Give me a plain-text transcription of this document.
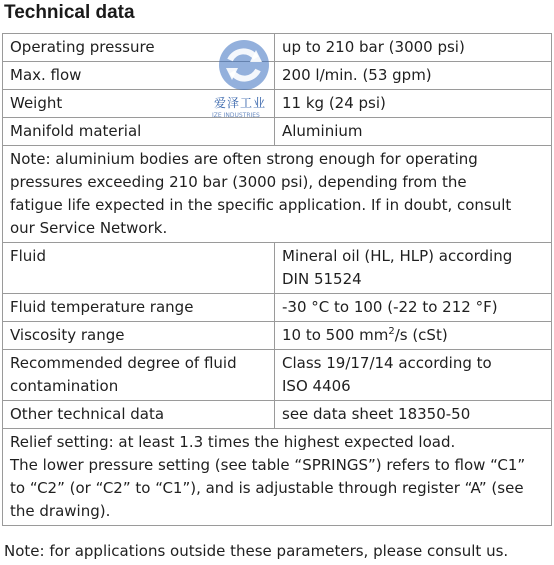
Technical data
Operating pressure	up to 210 bar (3000 psi)
Max. flow	200 l/min. (53 gpm)
Weight	11 kg (24 psi)
Manifold material	Aluminium

Note: aluminium bodies are often strong enough for operating
pressures exceeding 210 bar (3000 psi), depending from the
fatigue life expected in the specific application. If in doubt, consult
our Service Network.	

Fluid	Mineral oil (HL, HLP) according
DIN 51524

Fluid temperature range	-30 °C to 100 (-22 to 212 °F)
Viscosity range	10 to 500 $mm^2/s$ (cSt)

Recommended degree of fluid
contamination	Class 19/17/14 according to
ISO 4406

Other technical data	see data sheet 18350-50

Relief setting: at least 1.3 times the highest expected load.
The lower pressure setting (see table “SPRINGS”) refers to flow “C1”
to “C2” (or “C2” to “C1”), and is adjustable through register “A” (see
the drawing).	

Note: for applications outside these parameters, please consult us.

爱泽工业
IZE INDUSTRIES
